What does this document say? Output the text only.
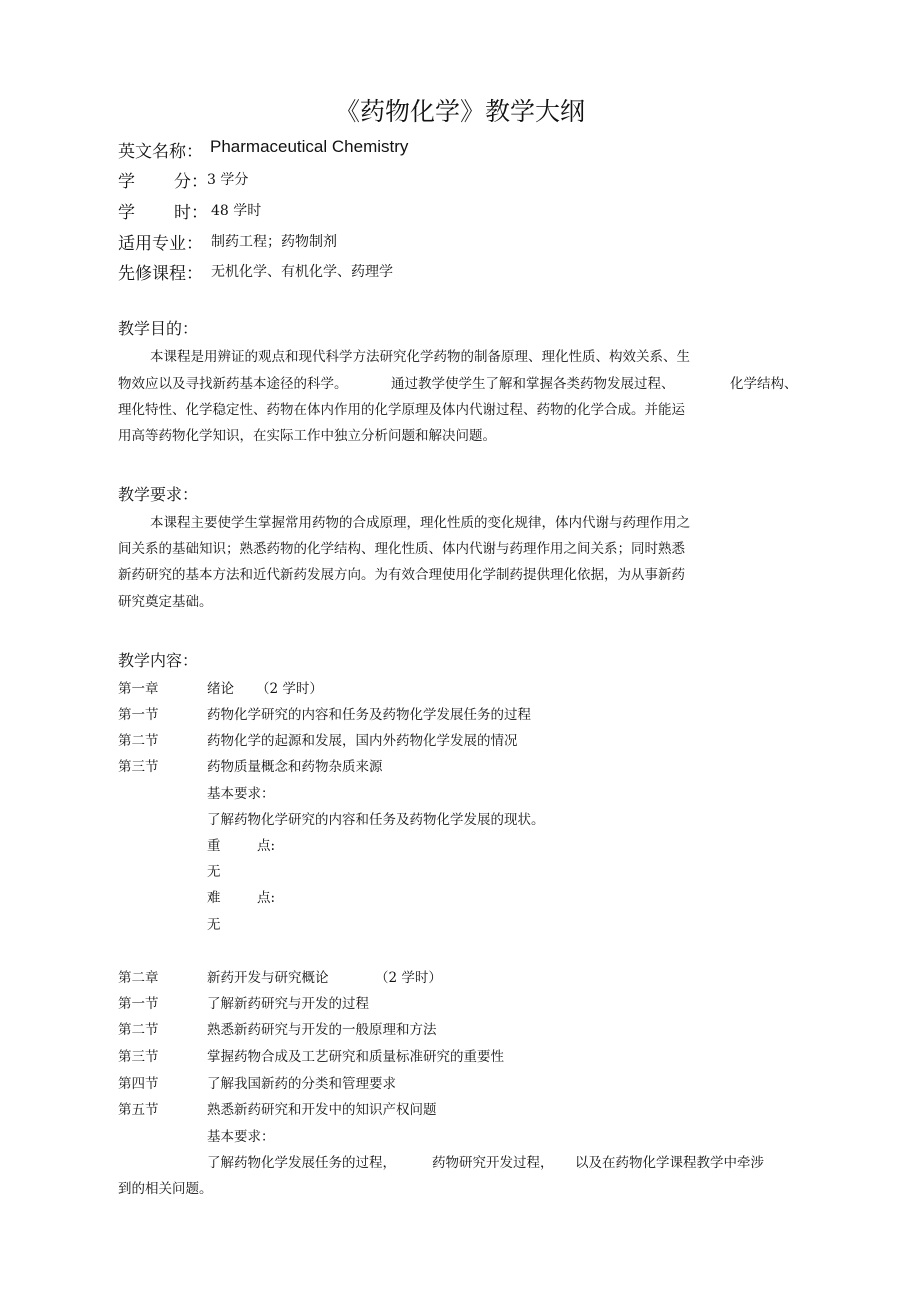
《药物化学》教学大纲
英文名称： Pharmaceutical Chemistry
学 分： 3 学分
学 时： 48 学时
适用专业： 制药工程；药物制剂
先修课程： 无机化学、有机化学、药理学
教学目的：
本课程是用辨证的观点和现代科学方法研究化学药物的制备原理、理化性质、构效关系、生
物效应以及寻找新药基本途径的科学。	通过教学使学生了解和掌握各类药物发展过程、	化学结构、
理化特性、化学稳定性、药物在体内作用的化学原理及体内代谢过程、药物的化学合成。并能运
用高等药物化学知识，在实际工作中独立分析问题和解决问题。
教学要求：
本课程主要使学生掌握常用药物的合成原理，理化性质的变化规律，体内代谢与药理作用之
间关系的基础知识；熟悉药物的化学结构、理化性质、体内代谢与药理作用之间关系；同时熟悉
新药研究的基本方法和近代新药发展方向。为有效合理使用化学制药提供理化依据，为从事新药
研究奠定基础。
教学内容：
第一章	绪论 （2 学时）
第一节	药物化学研究的内容和任务及药物化学发展任务的过程
第二节	药物化学的起源和发展，国内外药物化学发展的情况
第三节	药物质量概念和药物杂质来源
基本要求：
了解药物化学研究的内容和任务及药物化学发展的现状。
重	点:
无
难	点:
无
第二章	新药开发与研究概论	（2 学时）
第一节	了解新药研究与开发的过程
第二节	熟悉新药研究与开发的一般原理和方法
第三节	掌握药物合成及工艺研究和质量标准研究的重要性
第四节	了解我国新药的分类和管理要求
第五节	熟悉新药研究和开发中的知识产权问题
基本要求：
了解药物化学发展任务的过程，	药物研究开发过程， 以及在药物化学课程教学中牵涉
到的相关问题。
